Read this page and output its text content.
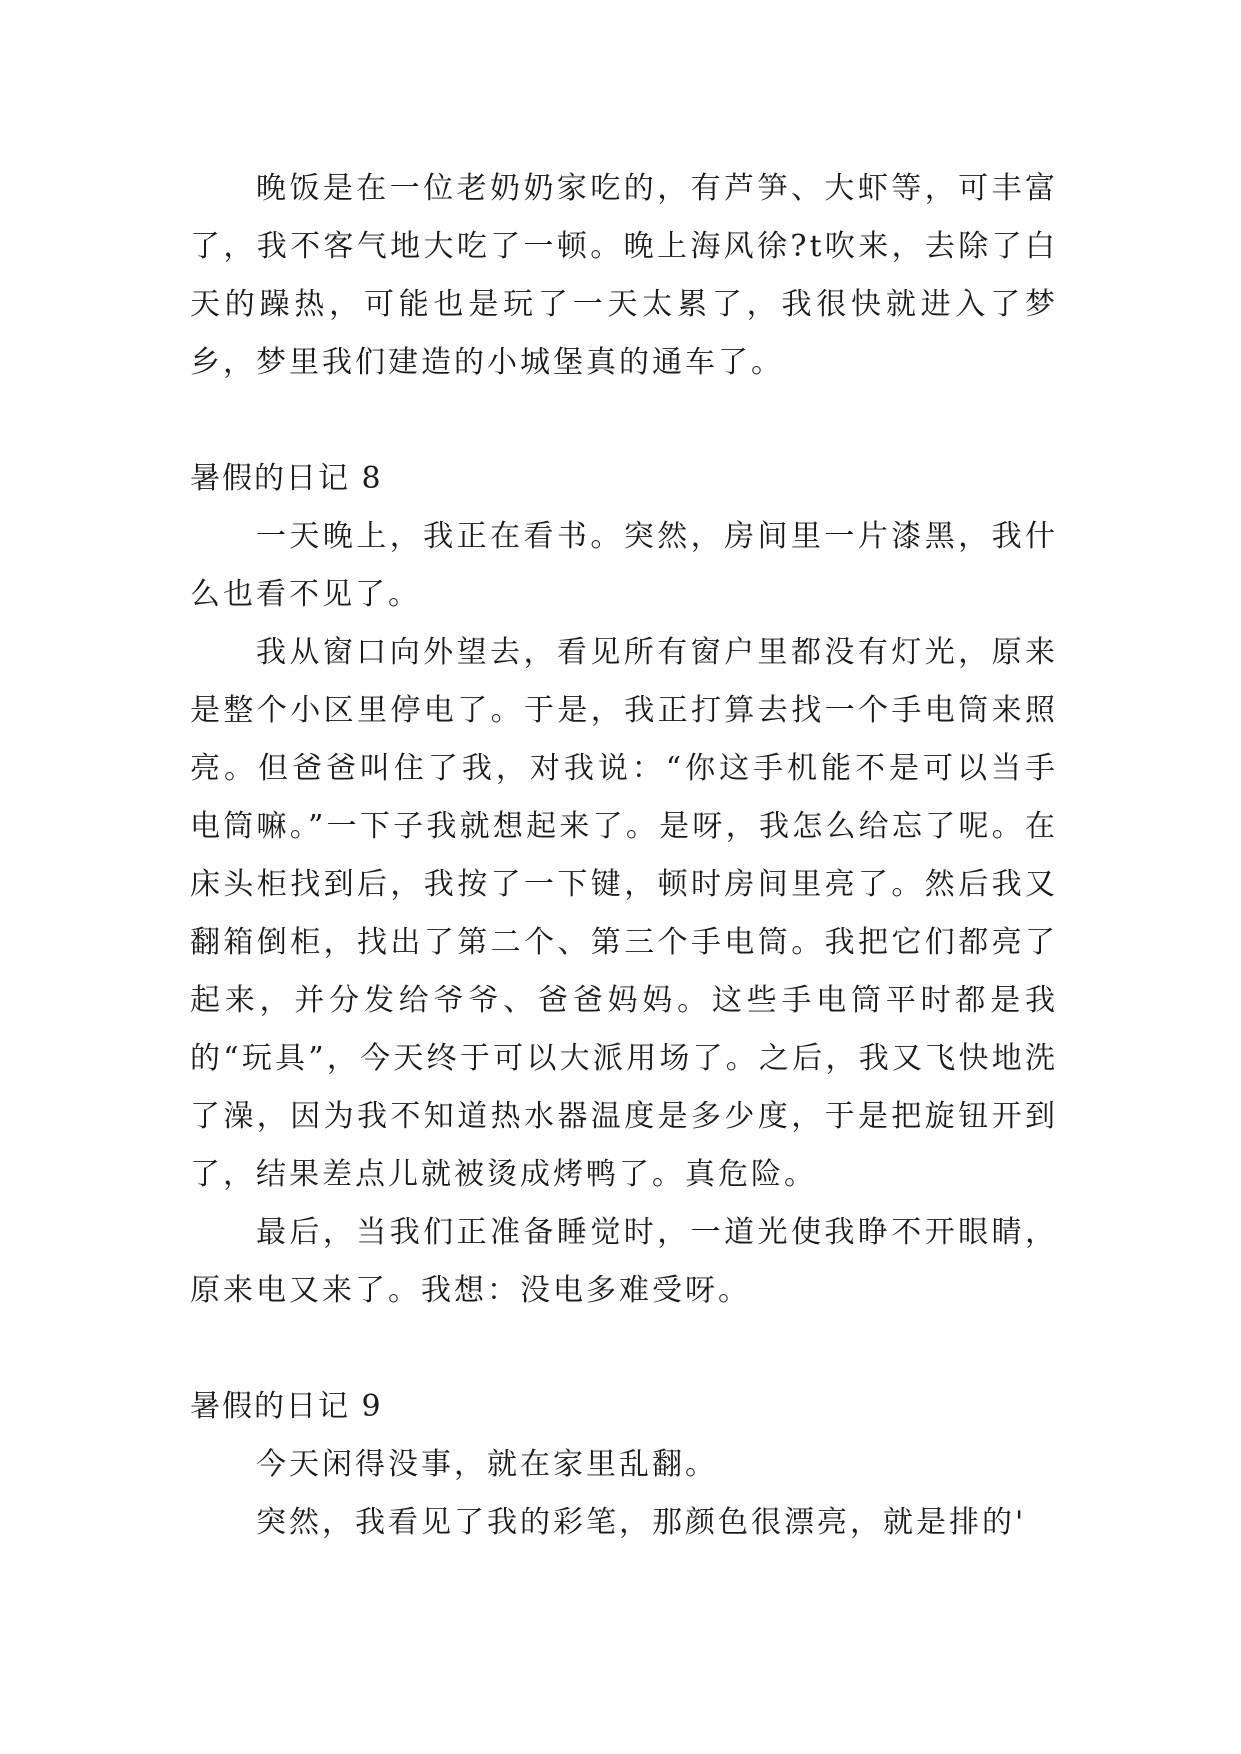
晚饭是在一位老奶奶家吃的，有芦笋、大虾等，可丰富了，我不客气地大吃了一顿。晚上海风徐?t吹来，去除了白天的躁热，可能也是玩了一天太累了，我很快就进入了梦乡，梦里我们建造的小城堡真的通车了。

暑假的日记 8

一天晚上，我正在看书。突然，房间里一片漆黑，我什么也看不见了。

我从窗口向外望去，看见所有窗户里都没有灯光，原来是整个小区里停电了。于是，我正打算去找一个手电筒来照亮。但爸爸叫住了我，对我说：“你这手机能不是可以当手电筒嘛。”一下子我就想起来了。是呀，我怎么给忘了呢。在床头柜找到后，我按了一下键，顿时房间里亮了。然后我又翻箱倒柜，找出了第二个、第三个手电筒。我把它们都亮了起来，并分发给爷爷、爸爸妈妈。这些手电筒平时都是我的“玩具”，今天终于可以大派用场了。之后，我又飞快地洗了澡，因为我不知道热水器温度是多少度，于是把旋钮开到了，结果差点儿就被烫成烤鸭了。真危险。

最后，当我们正准备睡觉时，一道光使我睁不开眼睛，原来电又来了。我想：没电多难受呀。

暑假的日记 9

今天闲得没事，就在家里乱翻。

突然，我看见了我的彩笔，那颜色很漂亮，就是排的'
